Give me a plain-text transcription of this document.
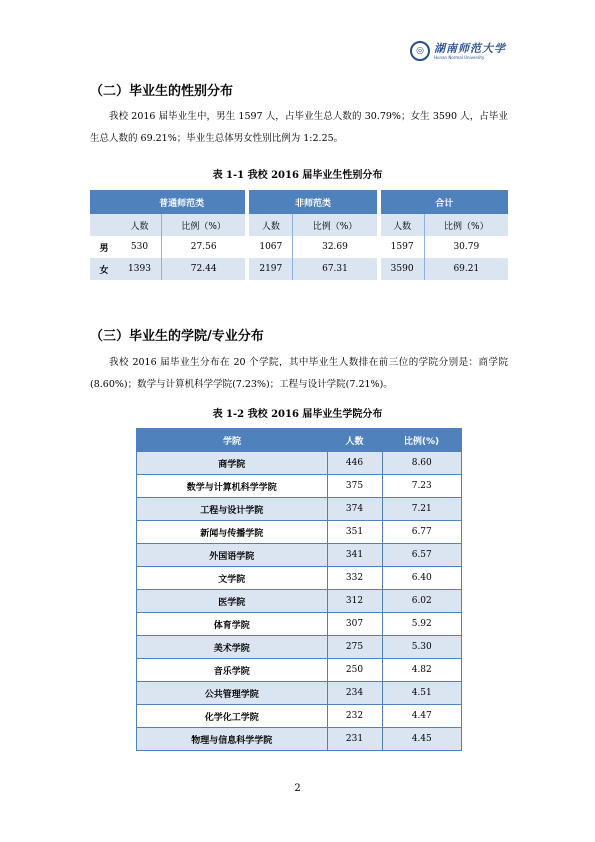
◎ 湖南师范大学
Hunan Normal University
（二）毕业生的性别分布

我校 2016 届毕业生中，男生 1597 人，占毕业生总人数的 30.79%；女生 3590 人，占毕业生总人数的 69.21%；毕业生总体男女性别比例为 1:2.25。

表 1-1 我校 2016 届毕业生性别分布
	普通师范类			非师范类			合计	
	人数	比例（%）		人数	比例（%）		人数	比例（%）
男	530	27.56		1067	32.69		1597	30.79
女	1393	72.44		2197	67.31		3590	69.21
（三）毕业生的学院/专业分布

我校 2016 届毕业生分布在 20 个学院，其中毕业生人数排在前三位的学院分别是：商学院(8.60%)；数学与计算机科学学院(7.23%)；工程与设计学院(7.21%)。

表 1-2 我校 2016 届毕业生学院分布
学院	人数	比例(%)
商学院	446	8.60
数学与计算机科学学院	375	7.23
工程与设计学院	374	7.21
新闻与传播学院	351	6.77
外国语学院	341	6.57
文学院	332	6.40
医学院	312	6.02
体育学院	307	5.92
美术学院	275	5.30
音乐学院	250	4.82
公共管理学院	234	4.51
化学化工学院	232	4.47
物理与信息科学学院	231	4.45
2
